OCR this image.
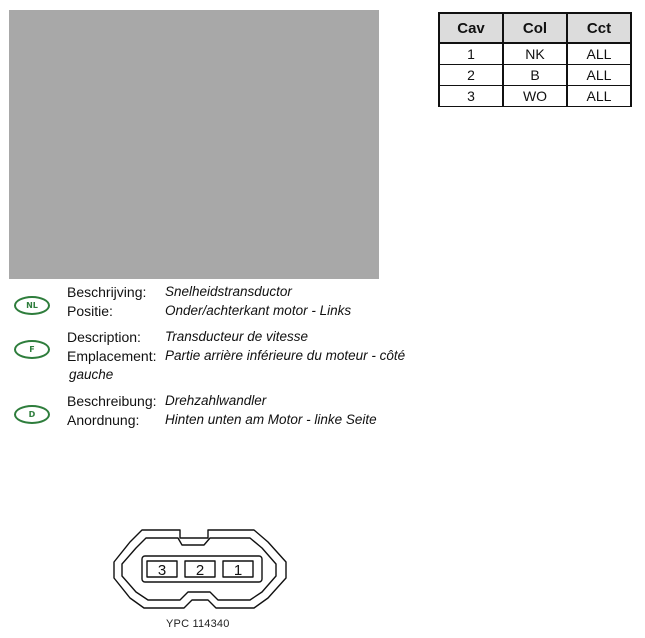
Cav	Col	Cct
1	NK	ALL
2	B	ALL
3	WO	ALL
NL
Beschrijving: Snelheidstransductor
Positie:	Onder/achterkant motor - Links
F
Description: Transducteur de vitesse
Emplacement: Partie arrière inférieure du moteur - côté
gauche
D
Beschreibung: Drehzahlwandler
Anordnung: Hinten unten am Motor - linke Seite
3 2 1
YPC 114340
